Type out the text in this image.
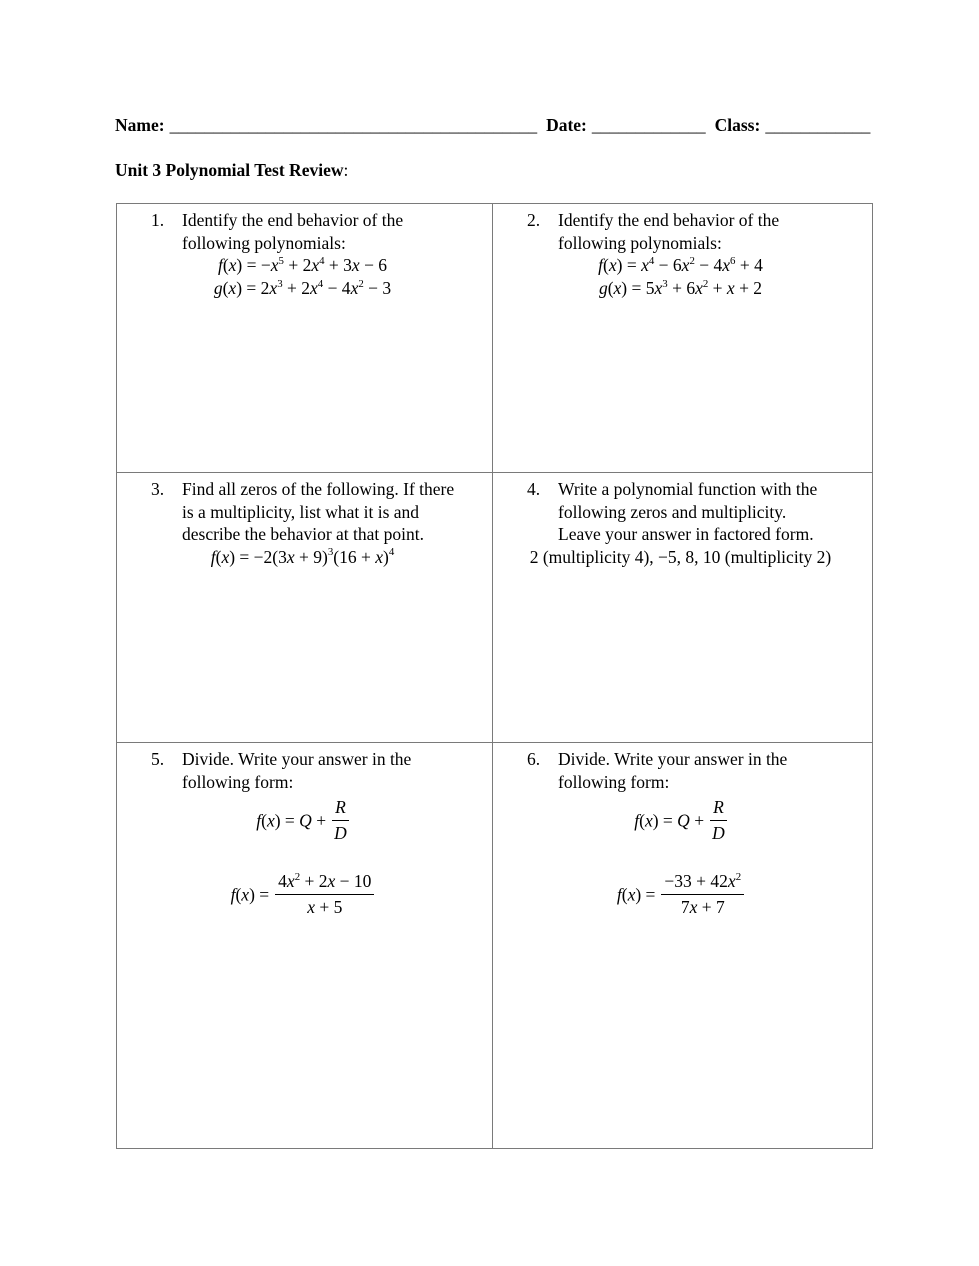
Name: __________________________________________ Date: _____________ Class: ____________
Unit 3 Polynomial Test Review:
1. Identify the end behavior of the
following polynomials:
$f(x) = -x^5 + 2x^4 + 3x - 6$
$g(x) = 2x^3 + 2x^4 - 4x^2 - 3$

2. Identify the end behavior of the
following polynomials:
$f(x) = x^4 - 6x^2 - 4x^6 + 4$
$g(x) = 5x^3 + 6x^2 + x + 2$

3. Find all zeros of the following. If there
is a multiplicity, list what it is and
describe the behavior at that point.
$f(x) = -2(3x + 9)^3(16 + x)^4$

4. Write a polynomial function with the
following zeros and multiplicity.
Leave your answer in factored form.
2 (multiplicity 4), −5, 8, 10 (multiplicity 2)

5. Divide. Write your answer in the
following form:
$f(x) = Q + \frac{R}{D}$
$f(x) = \frac{4x^2 + 2x - 10}{x + 5}$

6. Divide. Write your answer in the
following form:
$f(x) = Q + \frac{R}{D}$
$f(x) = \frac{-33 + 42x^2}{7x + 7}$
